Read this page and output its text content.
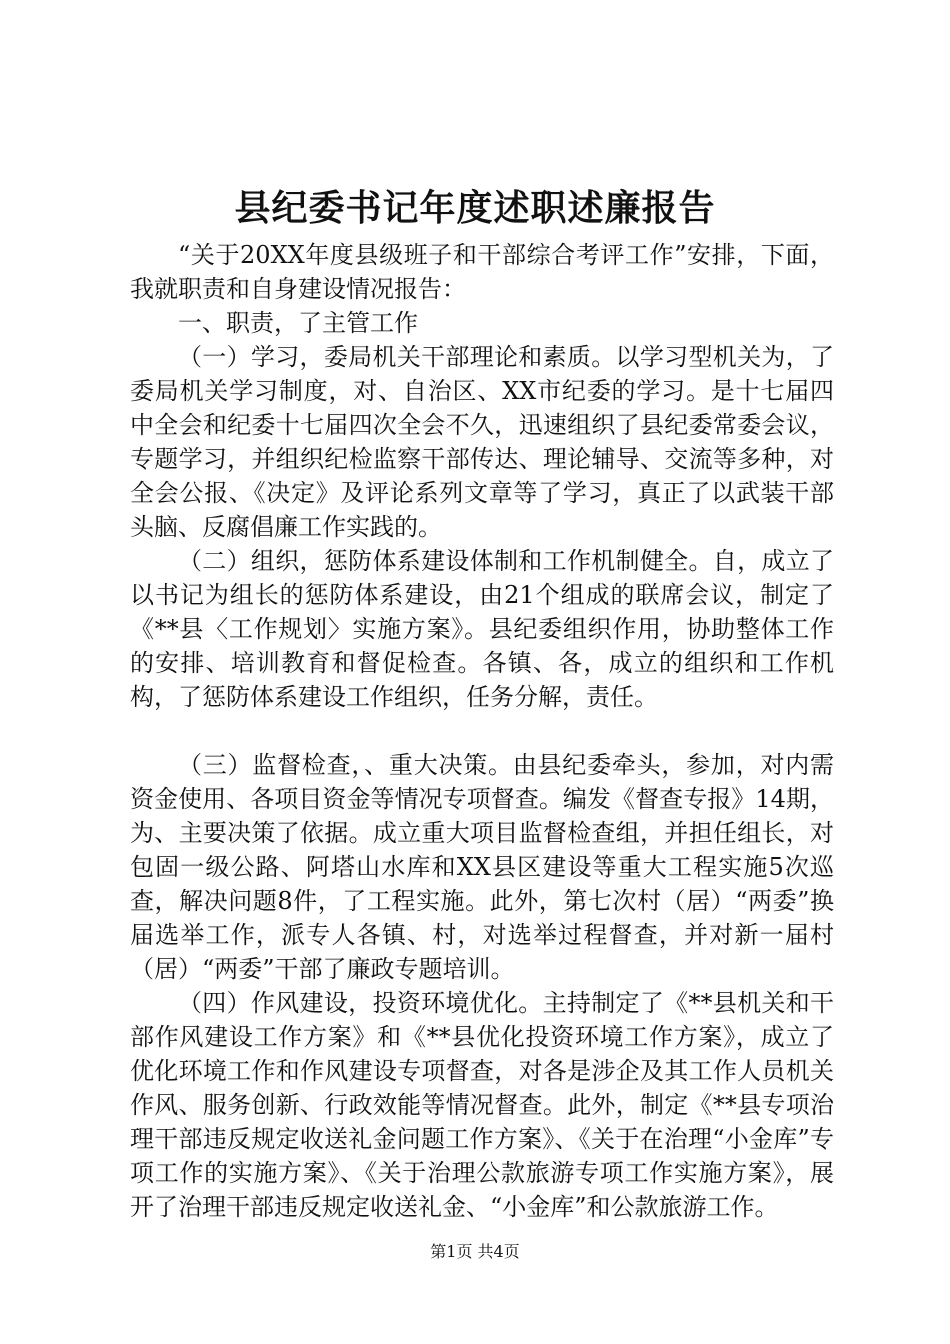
县纪委书记年度述职述廉报告

“关于20XX年度县级班子和干部综合考评工作”安排，下面，我就职责和自身建设情况报告：

一、职责，了主管工作

（一）学习，委局机关干部理论和素质。以学习型机关为，了委局机关学习制度，对、自治区、XX市纪委的学习。是十七届四中全会和纪委十七届四次全会不久，迅速组织了县纪委常委会议，专题学习，并组织纪检监察干部传达、理论辅导、交流等多种，对全会公报、《决定》及评论系列文章等了学习，真正了以武装干部头脑、反腐倡廉工作实践的。

（二）组织，惩防体系建设体制和工作机制健全。自，成立了以书记为组长的惩防体系建设，由21个组成的联席会议，制定了《**县〈工作规划〉实施方案》。县纪委组织作用，协助整体工作的安排、培训教育和督促检查。各镇、各，成立的组织和工作机构，了惩防体系建设工作组织，任务分解，责任。

（三）监督检查，、重大决策。由县纪委牵头，参加，对内需资金使用、各项目资金等情况专项督查。编发《督查专报》14期，为、主要决策了依据。成立重大项目监督检查组，并担任组长，对包固一级公路、阿塔山水库和XX县区建设等重大工程实施5次巡查，解决问题8件，了工程实施。此外，第七次村（居）“两委”换届选举工作，派专人各镇、村，对选举过程督查，并对新一届村（居）“两委”干部了廉政专题培训。

（四）作风建设，投资环境优化。主持制定了《**县机关和干部作风建设工作方案》和《**县优化投资环境工作方案》，成立了优化环境工作和作风建设专项督查，对各是涉企及其工作人员机关作风、服务创新、行政效能等情况督查。此外，制定《**县专项治理干部违反规定收送礼金问题工作方案》、《关于在治理“小金库”专项工作的实施方案》、《关于治理公款旅游专项工作实施方案》，展开了治理干部违反规定收送礼金、“小金库”和公款旅游工作。

第1页 共4页
